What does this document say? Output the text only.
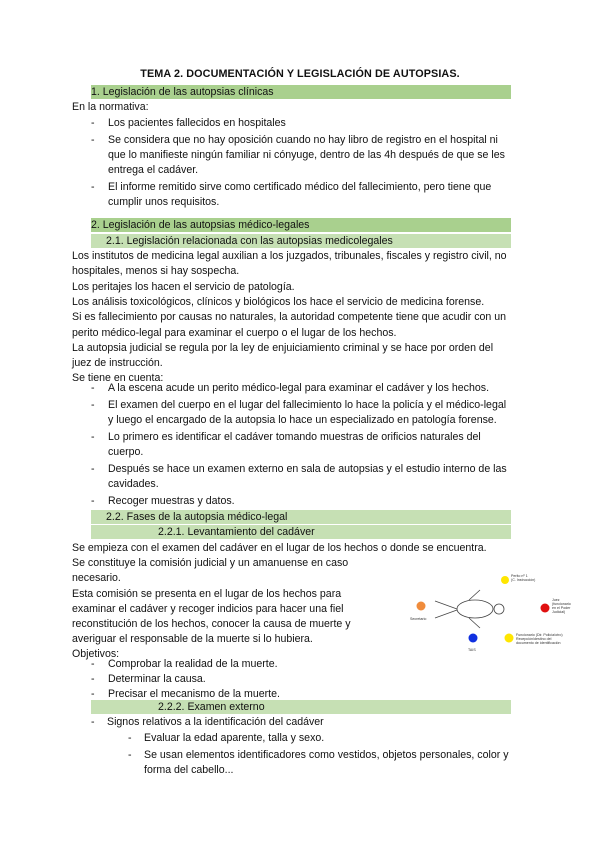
TEMA 2. DOCUMENTACIÓN Y LEGISLACIÓN DE AUTOPSIAS.
1. Legislación de las autopsias clínicas
En la normativa:
- Los pacientes fallecidos en hospitales
- Se considera que no hay oposición cuando no hay libro de registro en el hospital ni
que lo manifieste ningún familiar ni cónyuge, dentro de las 4h después de que se les
entrega el cadáver.
- El informe remitido sirve como certificado médico del fallecimiento, pero tiene que
cumplir unos requisitos.
2. Legislación de las autopsias médico-legales
2.1. Legislación relacionada con las autopsias medicolegales
Los institutos de medicina legal auxilian a los juzgados, tribunales, fiscales y registro civil, no
hospitales, menos si hay sospecha.
Los peritajes los hacen el servicio de patología.
Los análisis toxicológicos, clínicos y biológicos los hace el servicio de medicina forense.
Si es fallecimiento por causas no naturales, la autoridad competente tiene que acudir con un
perito médico-legal para examinar el cuerpo o el lugar de los hechos.
La autopsia judicial se regula por la ley de enjuiciamiento criminal y se hace por orden del
juez de instrucción.
Se tiene en cuenta:
- A la escena acude un perito médico-legal para examinar el cadáver y los hechos.
- El examen del cuerpo en el lugar del fallecimiento lo hace la policía y el médico-legal
y luego el encargado de la autopsia lo hace un especializado en patología forense.
- Lo primero es identificar el cadáver tomando muestras de orificios naturales del
cuerpo.
- Después se hace un examen externo en sala de autopsias y el estudio interno de las
cavidades.
- Recoger muestras y datos.
2.2. Fases de la autopsia médico-legal
2.2.1. Levantamiento del cadáver
Se empieza con el examen del cadáver en el lugar de los hechos o donde se encuentra.
Se constituye la comisión judicial y un amanuense en caso
necesario.
Esta comisión se presenta en el lugar de los hechos para
examinar el cadáver y recoger indicios para hacer una fiel
reconstitución de los hechos, conocer la causa de muerte y
averiguar el responsable de la muerte si lo hubiera.
Objetivos:
- Comprobar la realidad de la muerte.
- Determinar la causa.
- Precisar el mecanismo de la muerte.
2.2.2. Examen externo
- Signos relativos a la identificación del cadáver
- Evaluar la edad aparente, talla y sexo.
- Se usan elementos identificadores como vestidos, objetos personales, color y
forma del cabello...
Perito nº 1 (C. Instrucción)
Secretario
Juez (funcionario en el Poder Judicial)
TAIS
Funcionario (Dir. Policía/otro) Recepción/destino del documento de identificación
